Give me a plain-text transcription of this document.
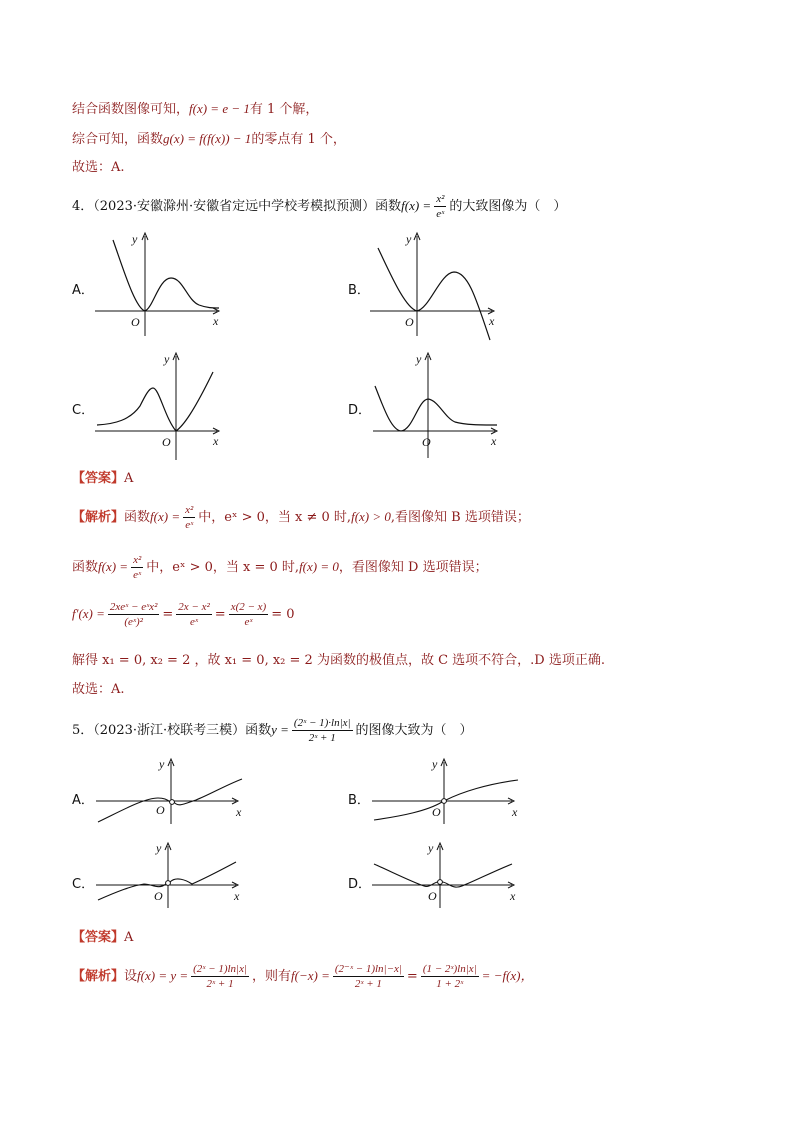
结合函数图像可知，f(x) = e − 1有 1 个解，
综合可知，函数g(x) = f(f(x)) − 1的零点有 1 个，
故选：A.
4．（2023·安徽滁州·安徽省定远中学校考模拟预测）函数$f(x) = \frac{\text{x²}}{\text{eˣ}}$ 的大致图像为（　）
A．	B．
C．	D．
y
x
O
y
x
O
y
x
O
y
x
O
【答案】A
【解析】函数$f(x) = \frac{\text{x²}}{\text{eˣ}}$ 中，eˣ > 0，当 x ≠ 0 时,f(x) > 0,看图像知 B 选项错误；
函数$f(x) = \frac{\text{x²}}{\text{eˣ}}$ 中，eˣ > 0，当 x = 0 时,f(x) = 0，看图像知 D 选项错误；
$f'(x) = \frac{\text{2xeˣ − eˣx²}}{\text{(eˣ)²}} = \frac{\text{2x − x²}}{\text{eˣ}} = \frac{x(2 - x)}{\text{eˣ}} = 0$
解得 x₁ = 0, x₂ = 2 ，故 x₁ = 0, x₂ = 2 为函数的极值点，故 C 选项不符合，.D 选项正确.
故选：A.
5．（2023·浙江·校联考三模）函数$y = \frac{\text{(2ˣ − 1)·ln|x|}}{\text{2ˣ + 1}}$ 的图像大致为（　）
A．	B．
C．	D．
y
x
O
y
x
O
y
x
O
y
x
O
【答案】A
【解析】设$f(x) = y = \frac{\text{(2ˣ − 1)ln|x|}}{\text{2ˣ + 1}}$ ，则有$f(-x) = \frac{\text{(2⁻ˣ − 1)ln|−x|}}{\text{2ˣ + 1}} = \frac{\text{(1 − 2ˣ)ln|x|}}{\text{1 + 2ˣ}} = -f(x)$，
